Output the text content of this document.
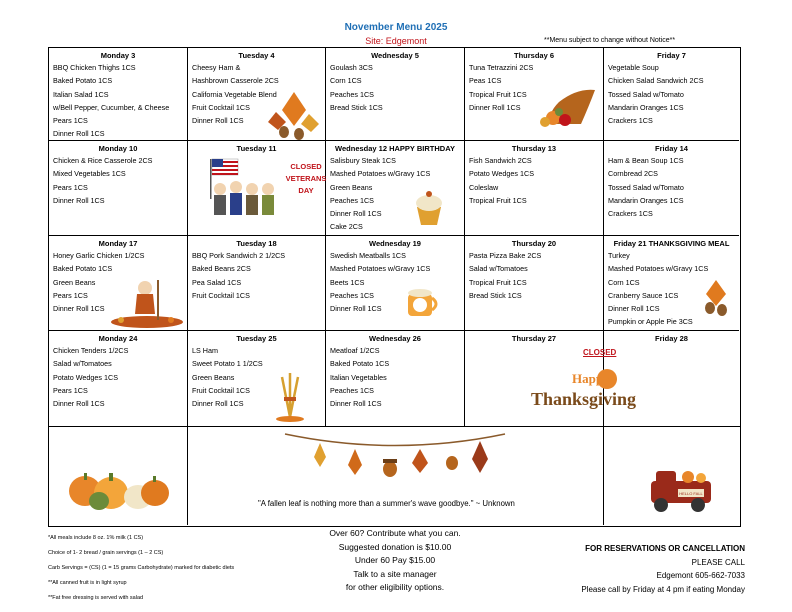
November Menu 2025
Site: Edgemont	**Menu subject to change without Notice**
Monday 3
BBQ Chicken Thighs 1CS
Baked Potato 1CS
Italian Salad 1CS
w/Bell Pepper, Cucumber, & Cheese
Pears 1CS
Dinner Roll 1CS
Tuesday 4
Cheesy Ham &
Hashbrown Casserole 2CS
California Vegetable Blend
Fruit Cocktail 1CS
Dinner Roll 1CS
Wednesday 5
Goulash 3CS
Corn 1CS
Peaches 1CS
Bread Stick 1CS
Thursday 6
Tuna Tetrazzini 2CS
Peas 1CS
Tropical Fruit 1CS
Dinner Roll 1CS
Friday 7
Vegetable Soup
Chicken Salad Sandwich 2CS
Tossed Salad w/Tomato
Mandarin Oranges 1CS
Crackers 1CS
Monday 10
Chicken & Rice Casserole 2CS
Mixed Vegetables 1CS
Pears 1CS
Dinner Roll 1CS
Tuesday 11
CLOSED
VETERANS
DAY
Wednesday 12 HAPPY BIRTHDAY
Salisbury Steak 1CS
Mashed Potatoes w/Gravy 1CS
Green Beans
Peaches 1CS
Dinner Roll 1CS
Cake 2CS
Thursday 13
Fish Sandwich 2CS
Potato Wedges 1CS
Coleslaw
Tropical Fruit 1CS
Friday 14
Ham & Bean Soup 1CS
Cornbread 2CS
Tossed Salad w/Tomato
Mandarin Oranges 1CS
Crackers 1CS
Monday 17
Honey Garlic Chicken 1/2CS
Baked Potato 1CS
Green Beans
Pears 1CS
Dinner Roll 1CS
Tuesday 18
BBQ Pork Sandwich 2 1/2CS
Baked Beans 2CS
Pea Salad 1CS
Fruit Cocktail 1CS
Wednesday 19
Swedish Meatballs 1CS
Mashed Potatoes w/Gravy 1CS
Beets 1CS
Peaches 1CS
Dinner Roll 1CS
Thursday 20
Pasta Pizza Bake 2CS
Salad w/Tomatoes
Tropical Fruit 1CS
Bread Stick 1CS
Friday 21 THANKSGIVING MEAL
Turkey
Mashed Potatoes w/Gravy 1CS
Corn 1CS
Cranberry Sauce 1CS
Dinner Roll 1CS
Pumpkin or Apple Pie 3CS
Monday 24
Chicken Tenders 1/2CS
Salad w/Tomatoes
Potato Wedges 1CS
Pears 1CS
Dinner Roll 1CS
Tuesday 25
LS Ham
Sweet Potato 1 1/2CS
Green Beans
Fruit Cocktail 1CS
Dinner Roll 1CS
Wednesday 26
Meatloaf 1/2CS
Baked Potato 1CS
Italian Vegetables
Peaches 1CS
Dinner Roll 1CS
Thursday 27
CLOSED
Friday 28
Happy
Thanksgiving
"A fallen leaf is nothing more than a summer's wave goodbye." ~ Unknown
HELLO FALL
*All meals include 8 oz. 1% milk (1 CS)
Choice of 1- 2 bread / grain servings (1 – 2 CS)
Carb Servings = (CS) (1 = 15 grams Carbohydrate) marked for diabetic diets
**All canned fruit is in light syrup
**Fat free dressing is served with salad
Over 60? Contribute what you can.
Suggested donation is $10.00
Under 60 Pay $15.00
Talk to a site manager
for other eligibility options.
FOR RESERVATIONS OR CANCELLATION
PLEASE CALL
Edgemont 605-662-7033
Please call by Friday at 4 pm if eating Monday
